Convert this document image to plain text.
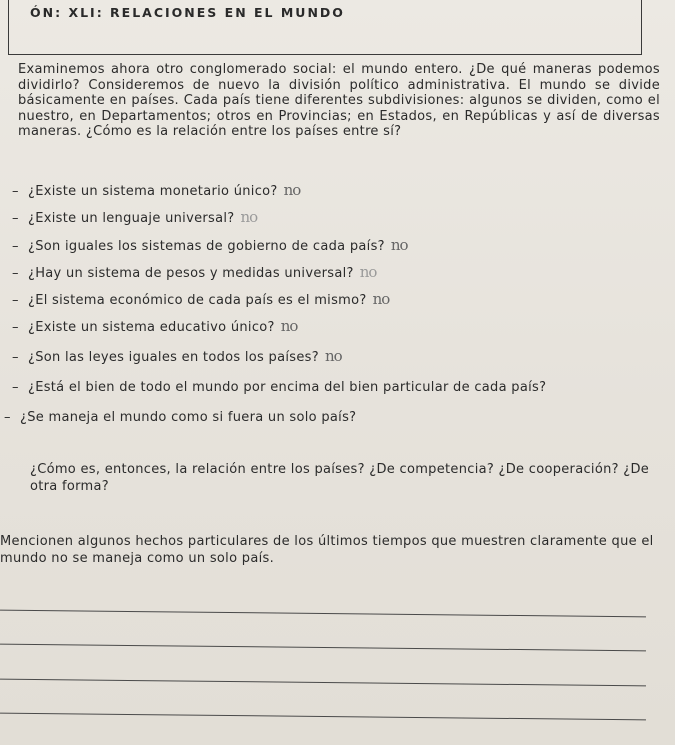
ÓN: XLI: RELACIONES EN EL MUNDO
Examinemos ahora otro conglomerado social: el mundo entero. ¿De qué maneras podemos dividirlo? Consideremos de nuevo la división político administrativa. El mundo se divide básicamente en países. Cada país tiene diferentes subdivisiones: algunos se dividen, como el nuestro, en Departamentos; otros en Provincias; en Estados, en Repúblicas y así de diversas maneras. ¿Cómo es la relación entre los países entre sí?
– ¿Existe un sistema monetario único? no
– ¿Existe un lenguaje universal? no
– ¿Son iguales los sistemas de gobierno de cada país? no
– ¿Hay un sistema de pesos y medidas universal? no
– ¿El sistema económico de cada país es el mismo? no
– ¿Existe un sistema educativo único? no
– ¿Son las leyes iguales en todos los países? no
– ¿Está el bien de todo el mundo por encima del bien particular de cada país?
– ¿Se maneja el mundo como si fuera un solo país?
¿Cómo es, entonces, la relación entre los países? ¿De competencia? ¿De cooperación? ¿De otra forma?
Mencionen algunos hechos particulares de los últimos tiempos que muestren claramente que el mundo no se maneja como un solo país.
